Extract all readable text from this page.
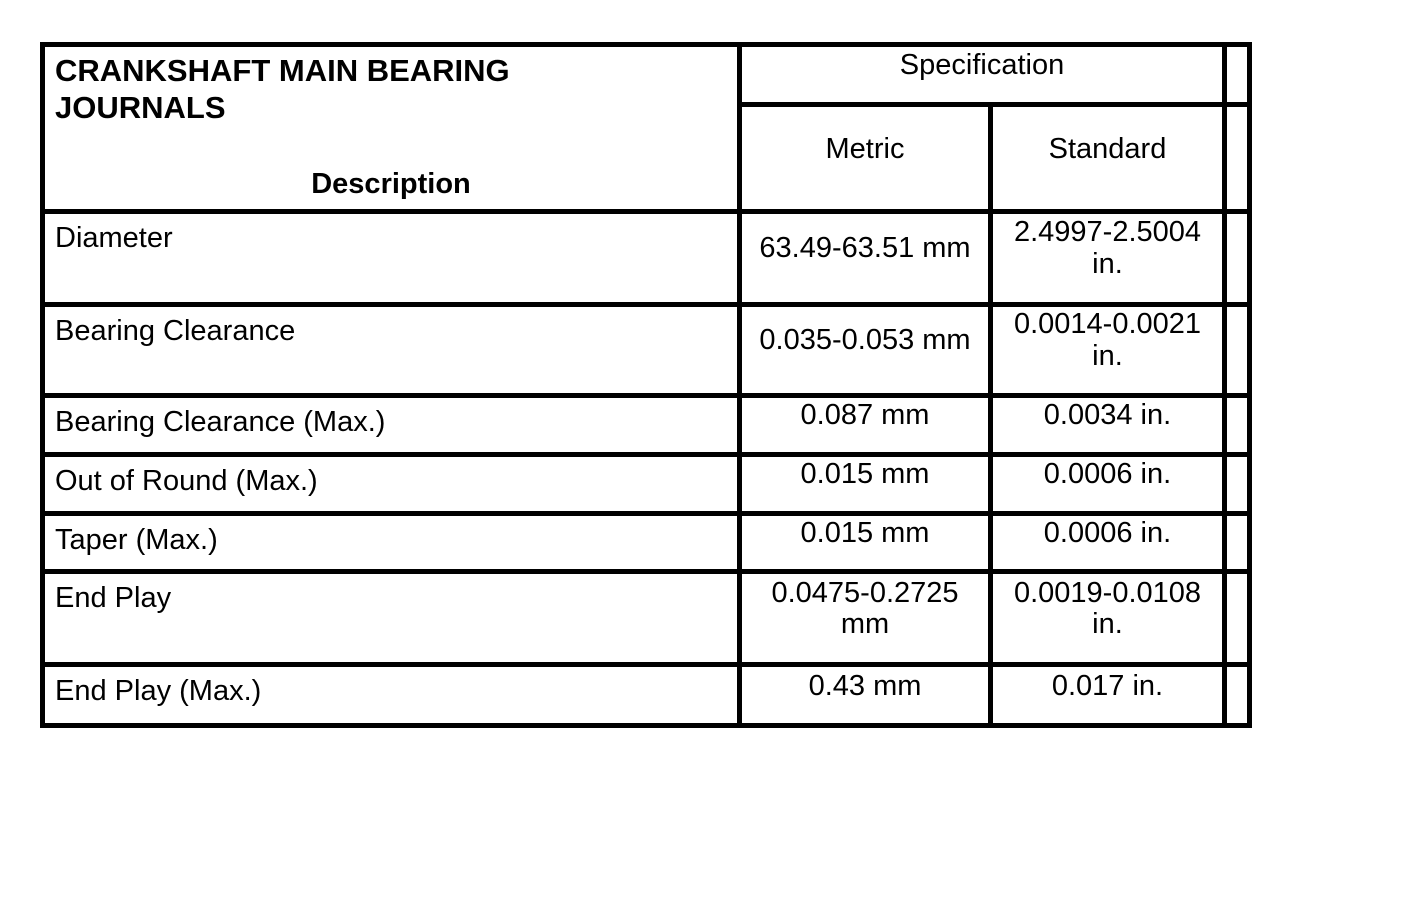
CRANKSHAFT MAIN BEARING JOURNALS
Description	Specification		
	Metric	Standard	
Diameter	63.49-63.51 mm	2.4997-2.5004 in.	
Bearing Clearance	0.035-0.053 mm	0.0014-0.0021 in.	
Bearing Clearance (Max.)	0.087 mm	0.0034 in.	
Out of Round (Max.)	0.015 mm	0.0006 in.	
Taper (Max.)	0.015 mm	0.0006 in.	
End Play	0.0475-0.2725 mm	0.0019-0.0108 in.	
End Play (Max.)	0.43 mm	0.017 in.	
